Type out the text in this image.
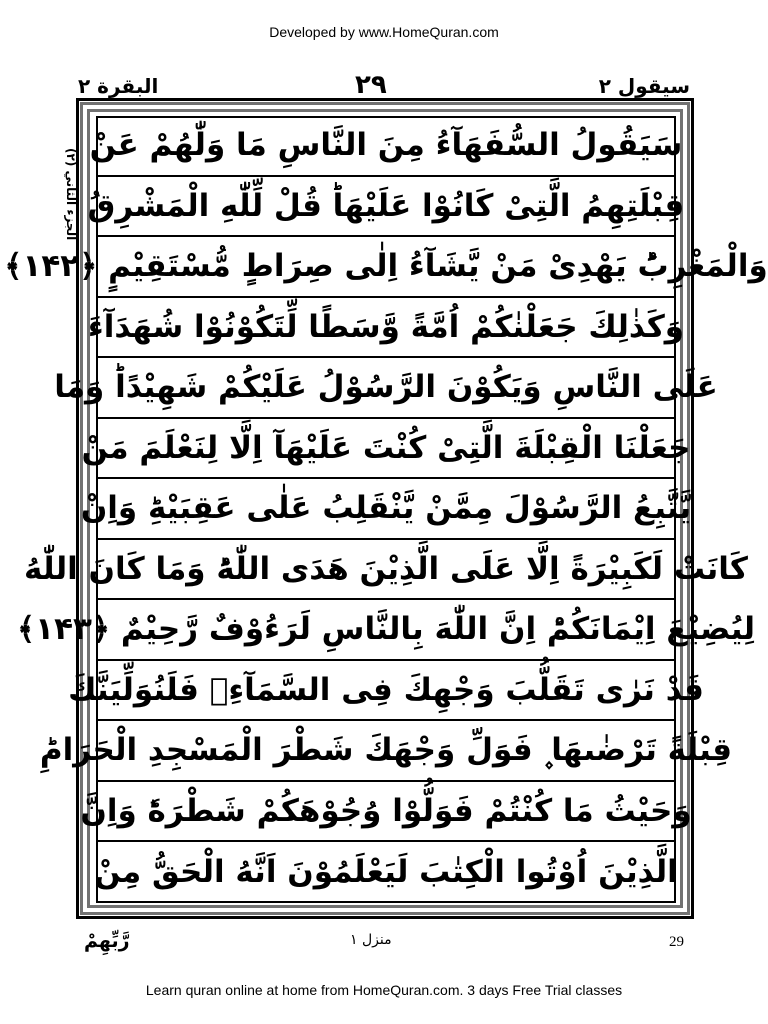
Developed by www.HomeQuran.com
البقرة ٢	۲۹	سيقول ٢
الجزء الثاني (٢)
سَيَقُولُ السُّفَهَآءُ مِنَ النَّاسِ مَا وَلّٰهُمْ عَنْ
قِبْلَتِهِمُ الَّتِىْ كَانُوْا عَلَيْهَاؕ قُلْ لِّلّٰهِ الْمَشْرِقُ
وَالْمَغْرِبُؕ يَهْدِىْ مَنْ يَّشَآءُ اِلٰى صِرَاطٍ مُّسْتَقِيْمٍ ﴿۱۴۲﴾
وَكَذٰلِكَ جَعَلْنٰكُمْ اُمَّةً وَّسَطًا لِّتَكُوْنُوْا شُهَدَآءَ
عَلَى النَّاسِ وَيَكُوْنَ الرَّسُوْلُ عَلَيْكُمْ شَهِيْدًاؕ وَمَا
جَعَلْنَا الْقِبْلَةَ الَّتِىْ كُنْتَ عَلَيْهَآ اِلَّا لِنَعْلَمَ مَنْ
يَّتَّبِعُ الرَّسُوْلَ مِمَّنْ يَّنْقَلِبُ عَلٰى عَقِبَيْهِؕ وَاِنْ
كَانَتْ لَكَبِيْرَةً اِلَّا عَلَى الَّذِيْنَ هَدَى اللّٰهُؕ وَمَا كَانَ اللّٰهُ
لِيُضِيْعَ اِيْمَانَكُمْؕ اِنَّ اللّٰهَ بِالنَّاسِ لَرَءُوْفٌ رَّحِيْمٌ ﴿۱۴۳﴾
قَدْ نَرٰى تَقَلُّبَ وَجْهِكَ فِى السَّمَآءِۚ فَلَنُوَلِّيَنَّكَ
قِبْلَةً تَرْضٰىهَا ۪ فَوَلِّ وَجْهَكَ شَطْرَ الْمَسْجِدِ الْحَرَامِؕ
وَحَيْثُ مَا كُنْتُمْ فَوَلُّوْا وُجُوْهَكُمْ شَطْرَهٗؕ وَاِنَّ
الَّذِيْنَ اُوْتُوا الْكِتٰبَ لَيَعْلَمُوْنَ اَنَّهُ الْحَقُّ مِنْ
رَّبِّهِمْ	منزل ١	29
Learn quran online at home from HomeQuran.com. 3 days Free Trial classes
